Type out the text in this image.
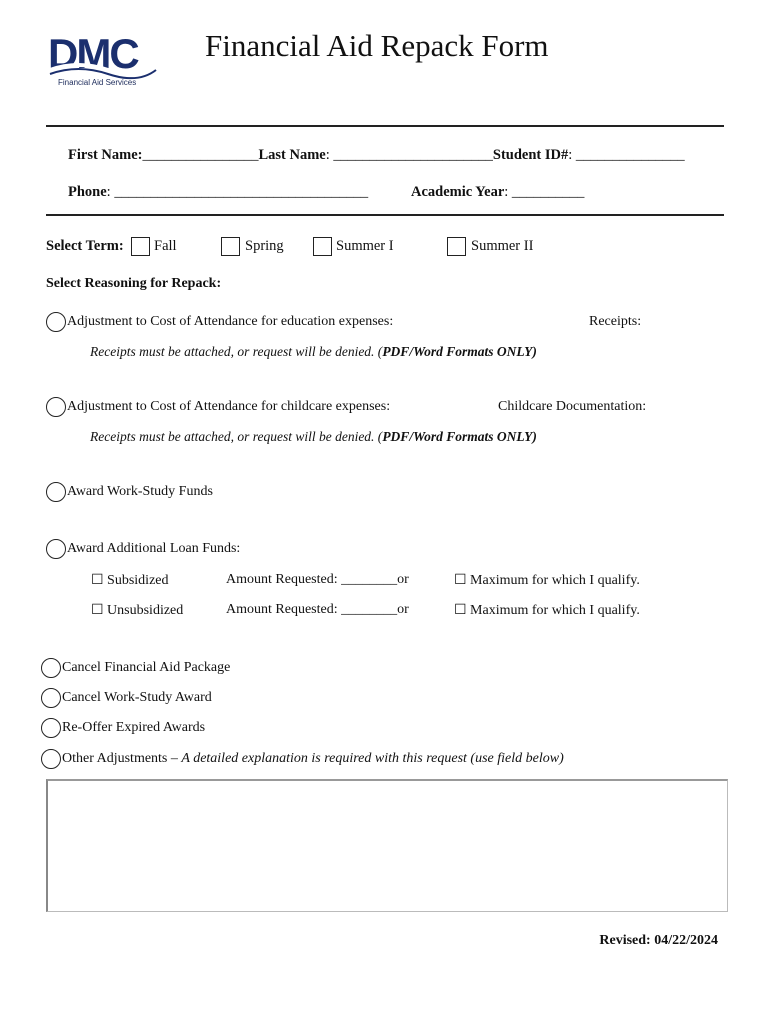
DMC
Financial Aid Services
Financial Aid Repack Form
First Name:________________Last Name: ______________________Student ID#: _______________
Phone: ___________________________________	Academic Year: __________
Select Term: Fall	Spring	Summer I	Summer II
Select Reasoning for Repack:
Adjustment to Cost of Attendance for education expenses:	Receipts:
Receipts must be attached, or request will be denied. (PDF/Word Formats ONLY)
Adjustment to Cost of Attendance for childcare expenses:	Childcare Documentation:
Receipts must be attached, or request will be denied. (PDF/Word Formats ONLY)
Award Work-Study Funds
Award Additional Loan Funds:
☐ Subsidized	Amount Requested: ________or	☐ Maximum for which I qualify.
☐ Unsubsidized	Amount Requested: ________or	☐ Maximum for which I qualify.
Cancel Financial Aid Package
Cancel Work-Study Award
Re-Offer Expired Awards
Other Adjustments – A detailed explanation is required with this request (use field below)
Revised: 04/22/2024
